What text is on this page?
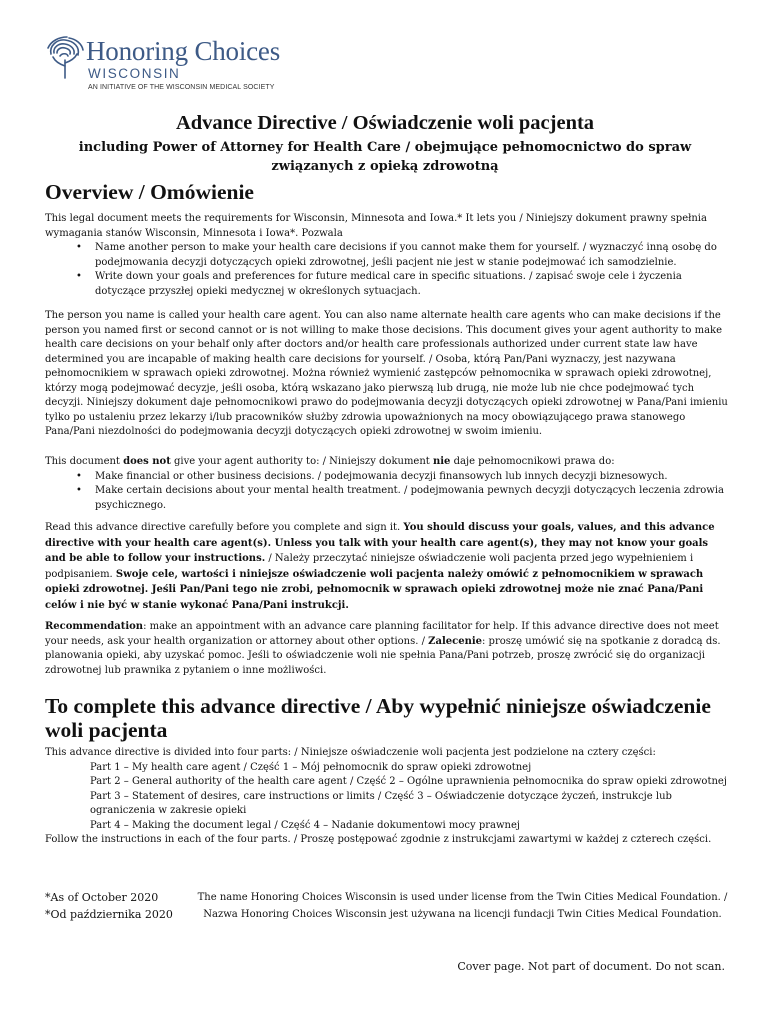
Honoring Choices
WISCONSIN
AN INITIATIVE OF THE WISCONSIN MEDICAL SOCIETY
Advance Directive / Oświadczenie woli pacjenta
including Power of Attorney for Health Care / obejmujące pełnomocnictwo do spraw związanych z opieką zdrowotną
Overview / Omówienie

This legal document meets the requirements for Wisconsin, Minnesota and Iowa.* It lets you / Niniejszy dokument prawny spełnia wymagania stanów Wisconsin, Minnesota i Iowa*. Pozwala

• Name another person to make your health care decisions if you cannot make them for yourself. / wyznaczyć inną osobę do podejmowania decyzji dotyczących opieki zdrowotnej, jeśli pacjent nie jest w stanie podejmować ich samodzielnie.
• Write down your goals and preferences for future medical care in specific situations. / zapisać swoje cele i życzenia dotyczące przyszłej opieki medycznej w określonych sytuacjach.

The person you name is called your health care agent. You can also name alternate health care agents who can make decisions if the person you named first or second cannot or is not willing to make those decisions. This document gives your agent authority to make health care decisions on your behalf only after doctors and/or health care professionals authorized under current state law have determined you are incapable of making health care decisions for yourself. / Osoba, którą Pan/Pani wyznaczy, jest nazywana pełnomocnikiem w sprawach opieki zdrowotnej. Można również wymienić zastępców pełnomocnika w sprawach opieki zdrowotnej, którzy mogą podejmować decyzje, jeśli osoba, którą wskazano jako pierwszą lub drugą, nie może lub nie chce podejmować tych decyzji. Niniejszy dokument daje pełnomocnikowi prawo do podejmowania decyzji dotyczących opieki zdrowotnej w Pana/Pani imieniu tylko po ustaleniu przez lekarzy i/lub pracowników służby zdrowia upoważnionych na mocy obowiązującego prawa stanowego Pana/Pani niezdolności do podejmowania decyzji dotyczących opieki zdrowotnej w swoim imieniu.

This document does not give your agent authority to: / Niniejszy dokument nie daje pełnomocnikowi prawa do:

• Make financial or other business decisions. / podejmowania decyzji finansowych lub innych decyzji biznesowych.
• Make certain decisions about your mental health treatment. / podejmowania pewnych decyzji dotyczących leczenia zdrowia psychicznego.

Read this advance directive carefully before you complete and sign it. You should discuss your goals, values, and this advance directive with your health care agent(s). Unless you talk with your health care agent(s), they may not know your goals and be able to follow your instructions. / Należy przeczytać niniejsze oświadczenie woli pacjenta przed jego wypełnieniem i podpisaniem. Swoje cele, wartości i niniejsze oświadczenie woli pacjenta należy omówić z pełnomocnikiem w sprawach opieki zdrowotnej. Jeśli Pan/Pani tego nie zrobi, pełnomocnik w sprawach opieki zdrowotnej może nie znać Pana/Pani celów i nie być w stanie wykonać Pana/Pani instrukcji.

Recommendation: make an appointment with an advance care planning facilitator for help. If this advance directive does not meet your needs, ask your health organization or attorney about other options. / Zalecenie: proszę umówić się na spotkanie z doradcą ds. planowania opieki, aby uzyskać pomoc. Jeśli to oświadczenie woli nie spełnia Pana/Pani potrzeb, proszę zwrócić się do organizacji zdrowotnej lub prawnika z pytaniem o inne możliwości.

To complete this advance directive / Aby wypełnić niniejsze oświadczenie woli pacjenta

This advance directive is divided into four parts: / Niniejsze oświadczenie woli pacjenta jest podzielone na cztery części:

Part 1 – My health care agent / Część 1 – Mój pełnomocnik do spraw opieki zdrowotnej

Part 2 – General authority of the health care agent / Część 2 – Ogólne uprawnienia pełnomocnika do spraw opieki zdrowotnej

Part 3 – Statement of desires, care instructions or limits / Część 3 – Oświadczenie dotyczące życzeń, instrukcje lub ograniczenia w zakresie opieki

Part 4 – Making the document legal / Część 4 – Nadanie dokumentowi mocy prawnej

Follow the instructions in each of the four parts. / Proszę postępować zgodnie z instrukcjami zawartymi w każdej z czterech części.

*As of October 2020
*Od października 2020
The name Honoring Choices Wisconsin is used under license from the Twin Cities Medical Foundation. /
Nazwa Honoring Choices Wisconsin jest używana na licencji fundacji Twin Cities Medical Foundation.
Cover page. Not part of document. Do not scan.
